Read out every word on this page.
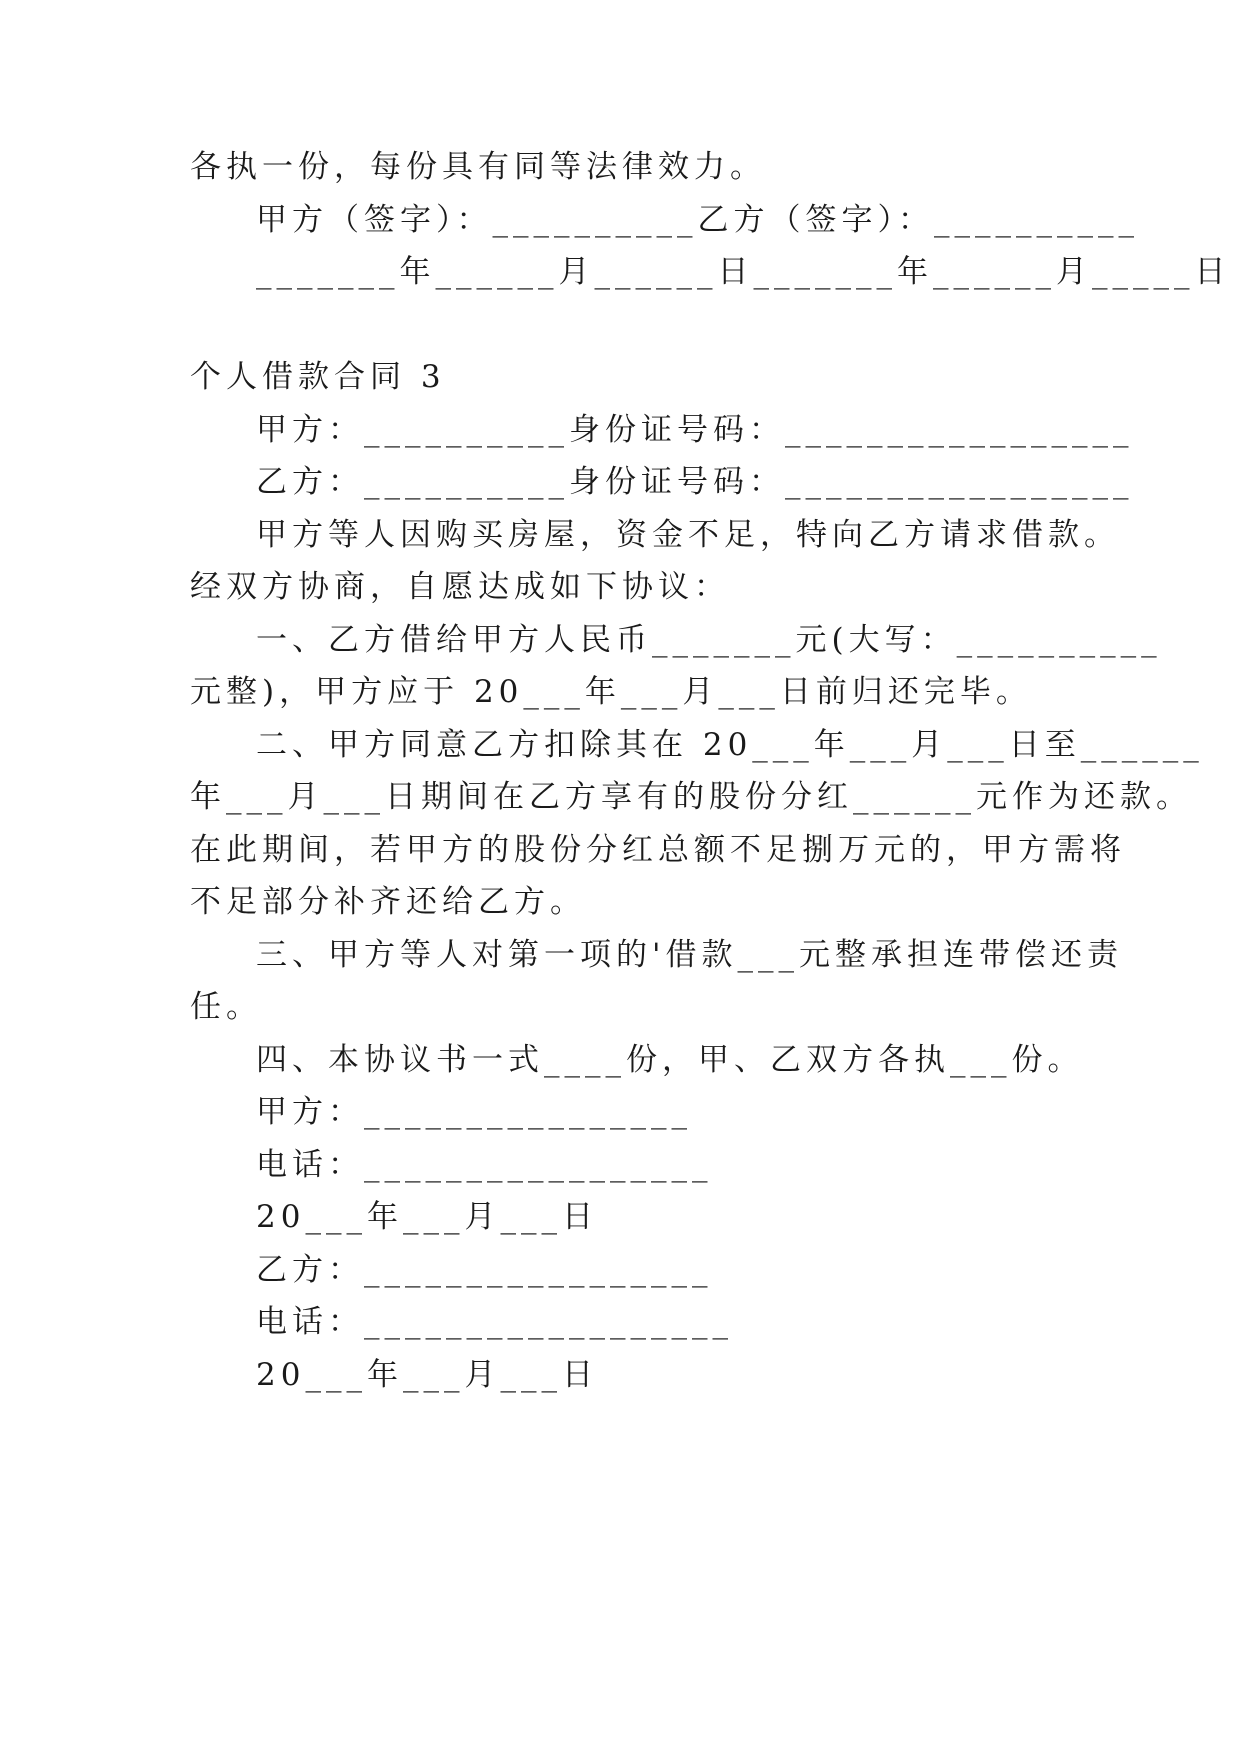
各执一份，每份具有同等法律效力。
甲方（签字）：__________乙方（签字）：__________
_______年______月______日_______年______月_____日
个人借款合同 3
甲方：__________身份证号码：_________________
乙方：__________身份证号码：_________________
甲方等人因购买房屋，资金不足，特向乙方请求借款。
经双方协商，自愿达成如下协议：
一、乙方借给甲方人民币_______元(大写：__________
元整)，甲方应于 20___年___月___日前归还完毕。
二、甲方同意乙方扣除其在 20___年___月___日至______
年___月___日期间在乙方享有的股份分红______元作为还款。
在此期间，若甲方的股份分红总额不足捌万元的，甲方需将
不足部分补齐还给乙方。
三、甲方等人对第一项的'借款___元整承担连带偿还责
任。
四、本协议书一式____份，甲、乙双方各执___份。
甲方：________________
电话：_________________
20___年___月___日
乙方：_________________
电话：__________________
20___年___月___日
